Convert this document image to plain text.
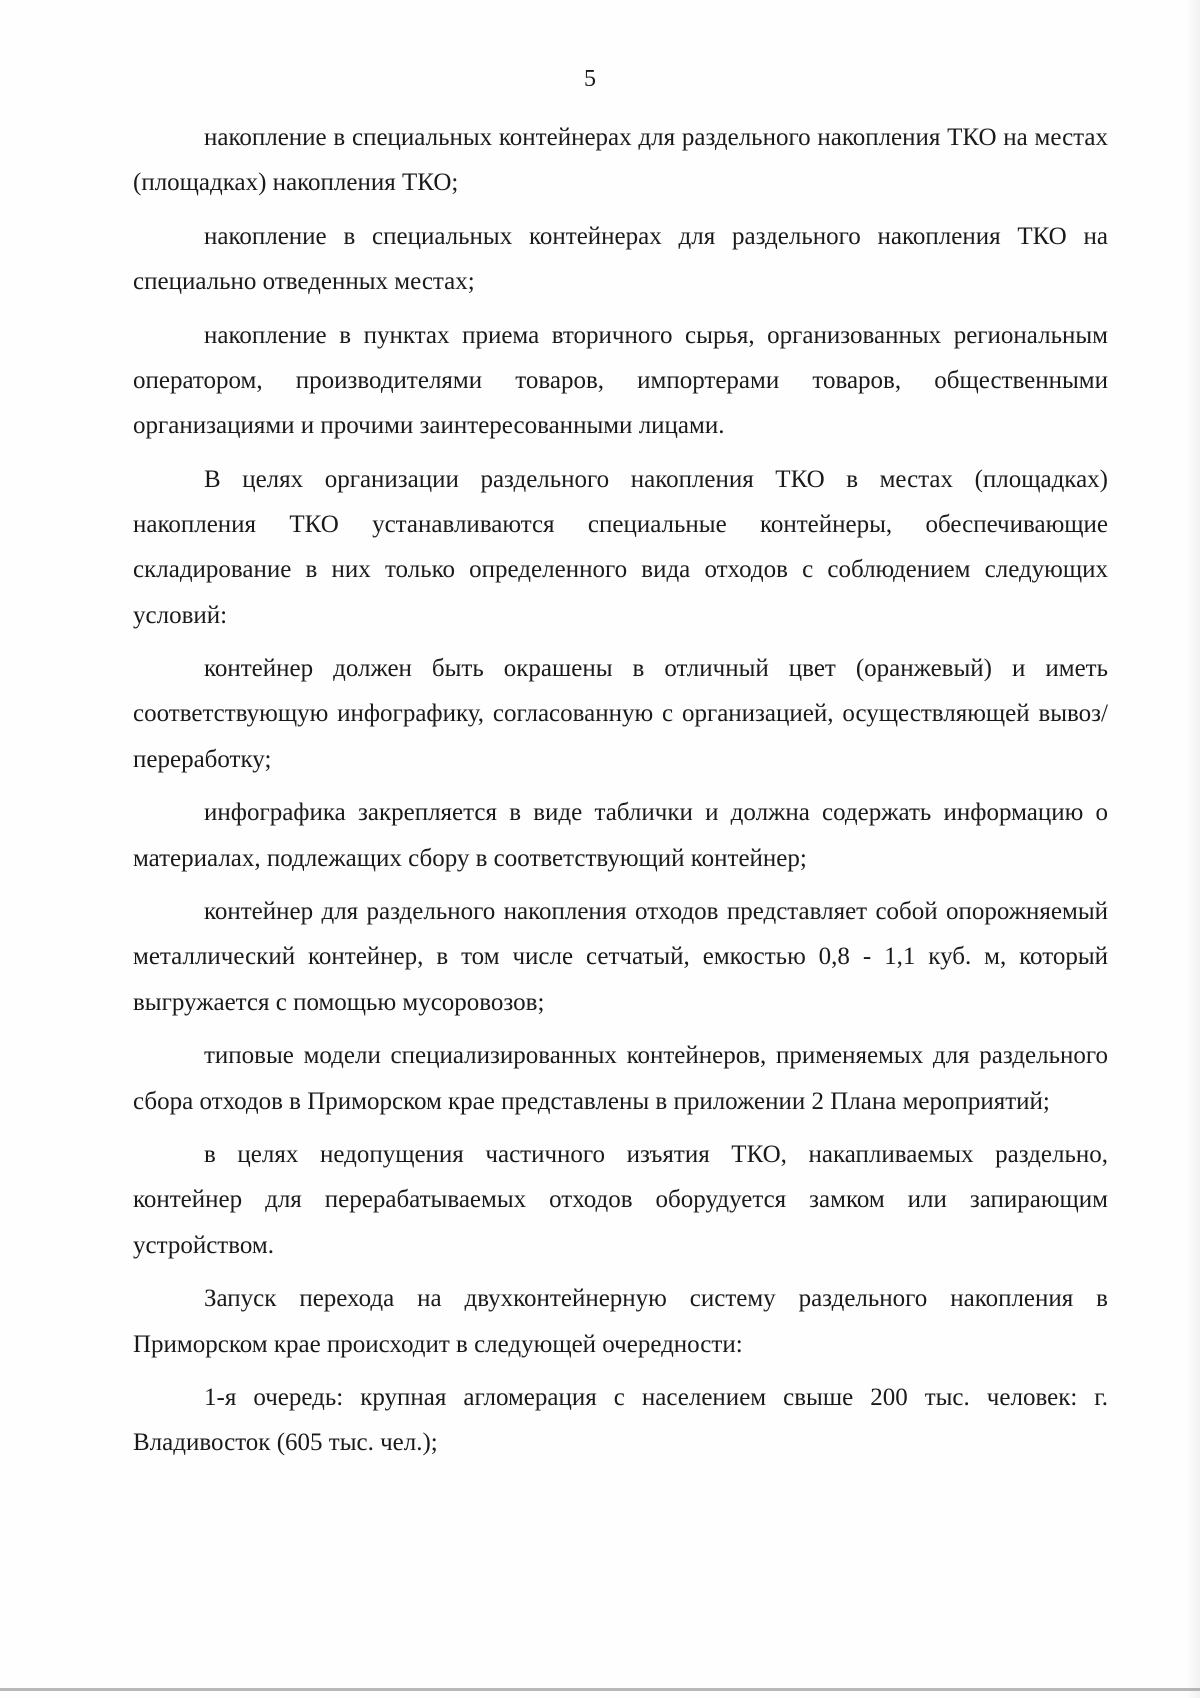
5

накопление в специальных контейнерах для раздельного накопления ТКО на местах (площадках) накопления ТКО;

накопление в специальных контейнерах для раздельного накопления ТКО на специально отведенных местах;

накопление в пунктах приема вторичного сырья, организованных региональным оператором, производителями товаров, импортерами товаров, общественными организациями и прочими заинтересованными лицами.

В целях организации раздельного накопления ТКО в местах (площадках) накопления ТКО устанавливаются специальные контейнеры, обеспечивающие складирование в них только определенного вида отходов с соблюдением следующих условий:

контейнер должен быть окрашены в отличный цвет (оранжевый) и иметь соответствующую инфографику, согласованную с организацией, осуществляющей вывоз/переработку;

инфографика закрепляется в виде таблички и должна содержать информацию о материалах, подлежащих сбору в соответствующий контейнер;

контейнер для раздельного накопления отходов представляет собой опорожняемый металлический контейнер, в том числе сетчатый, емкостью 0,8 - 1,1 куб. м, который выгружается с помощью мусоровозов;

типовые модели специализированных контейнеров, применяемых для раздельного сбора отходов в Приморском крае представлены в приложении 2 Плана мероприятий;

в целях недопущения частичного изъятия ТКО, накапливаемых раздельно, контейнер для перерабатываемых отходов оборудуется замком или запирающим устройством.

Запуск перехода на двухконтейнерную систему раздельного накопления в Приморском крае происходит в следующей очередности:

1-я очередь: крупная агломерация с населением свыше 200 тыс. человек: г. Владивосток (605 тыс. чел.);
